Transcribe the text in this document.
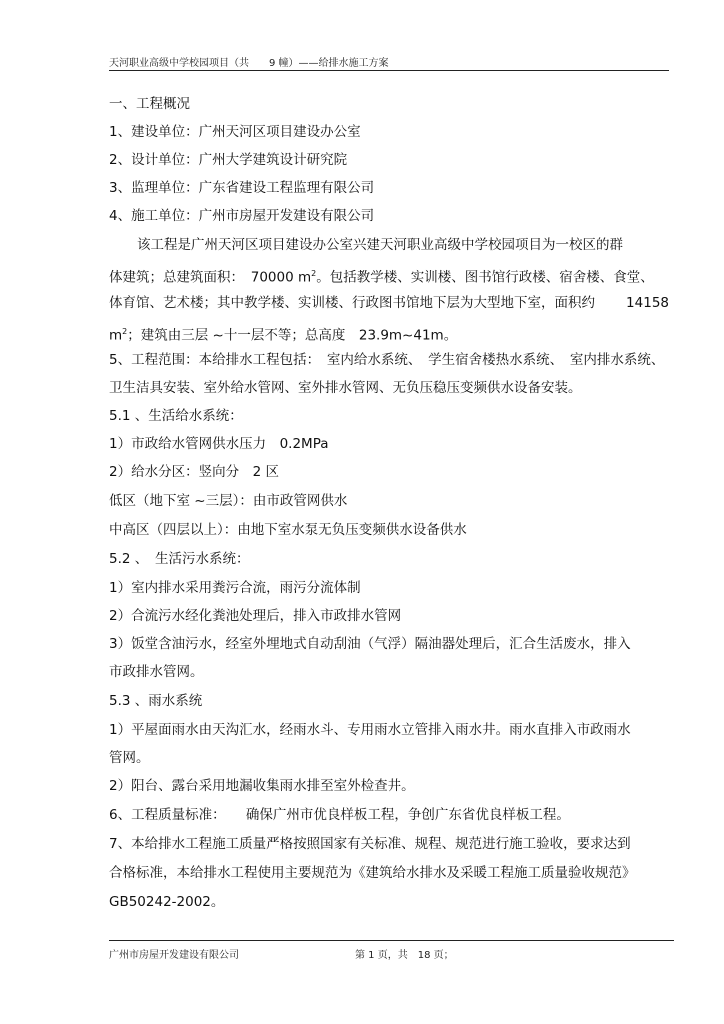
天河职业高级中学校园项目（共　　9 幢）——给排水施工方案
一、工程概况
1、建设单位：广州天河区项目建设办公室
2、设计单位：广州大学建筑设计研究院
3、监理单位：广东省建设工程监理有限公司
4、施工单位：广州市房屋开发建设有限公司
该工程是广州天河区项目建设办公室兴建天河职业高级中学校园项目为一校区的群
体建筑；总建筑面积：　70000 $m^2$。包括教学楼、实训楼、图书馆行政楼、宿舍楼、食堂、
体育馆、艺术楼；其中教学楼、实训楼、行政图书馆地下层为大型地下室，面积约 14158
$m^2$；建筑由三层 ~十一层不等；总高度　23.9m~41m。
5、工程范围：本给排水工程包括：　室内给水系统、　学生宿舍楼热水系统、　室内排水系统、
卫生洁具安装、室外给水管网、室外排水管网、无负压稳压变频供水设备安装。
5.1 、生活给水系统：
1）市政给水管网供水压力　0.2MPa
2）给水分区：竖向分　2 区
低区（地下室 ~三层）：由市政管网供水
中高区（四层以上）：由地下室水泵无负压变频供水设备供水
5.2 、　生活污水系统：
1）室内排水采用粪污合流，雨污分流体制
2）合流污水经化粪池处理后，排入市政排水管网
3）饭堂含油污水，经室外埋地式自动刮油（气浮）隔油器处理后，汇合生活废水，排入
市政排水管网。
5.3 、雨水系统
1）平屋面雨水由天沟汇水，经雨水斗、专用雨水立管排入雨水井。雨水直排入市政雨水
管网。
2）阳台、露台采用地漏收集雨水排至室外检查井。
6、工程质量标准：　　确保广州市优良样板工程，争创广东省优良样板工程。
7、本给排水工程施工质量严格按照国家有关标准、规程、规范进行施工验收，要求达到
合格标准，本给排水工程使用主要规范为《建筑给水排水及采暖工程施工质量验收规范》
GB50242-2002。
广州市房屋开发建设有限公司	第 1 页，共　18 页；
